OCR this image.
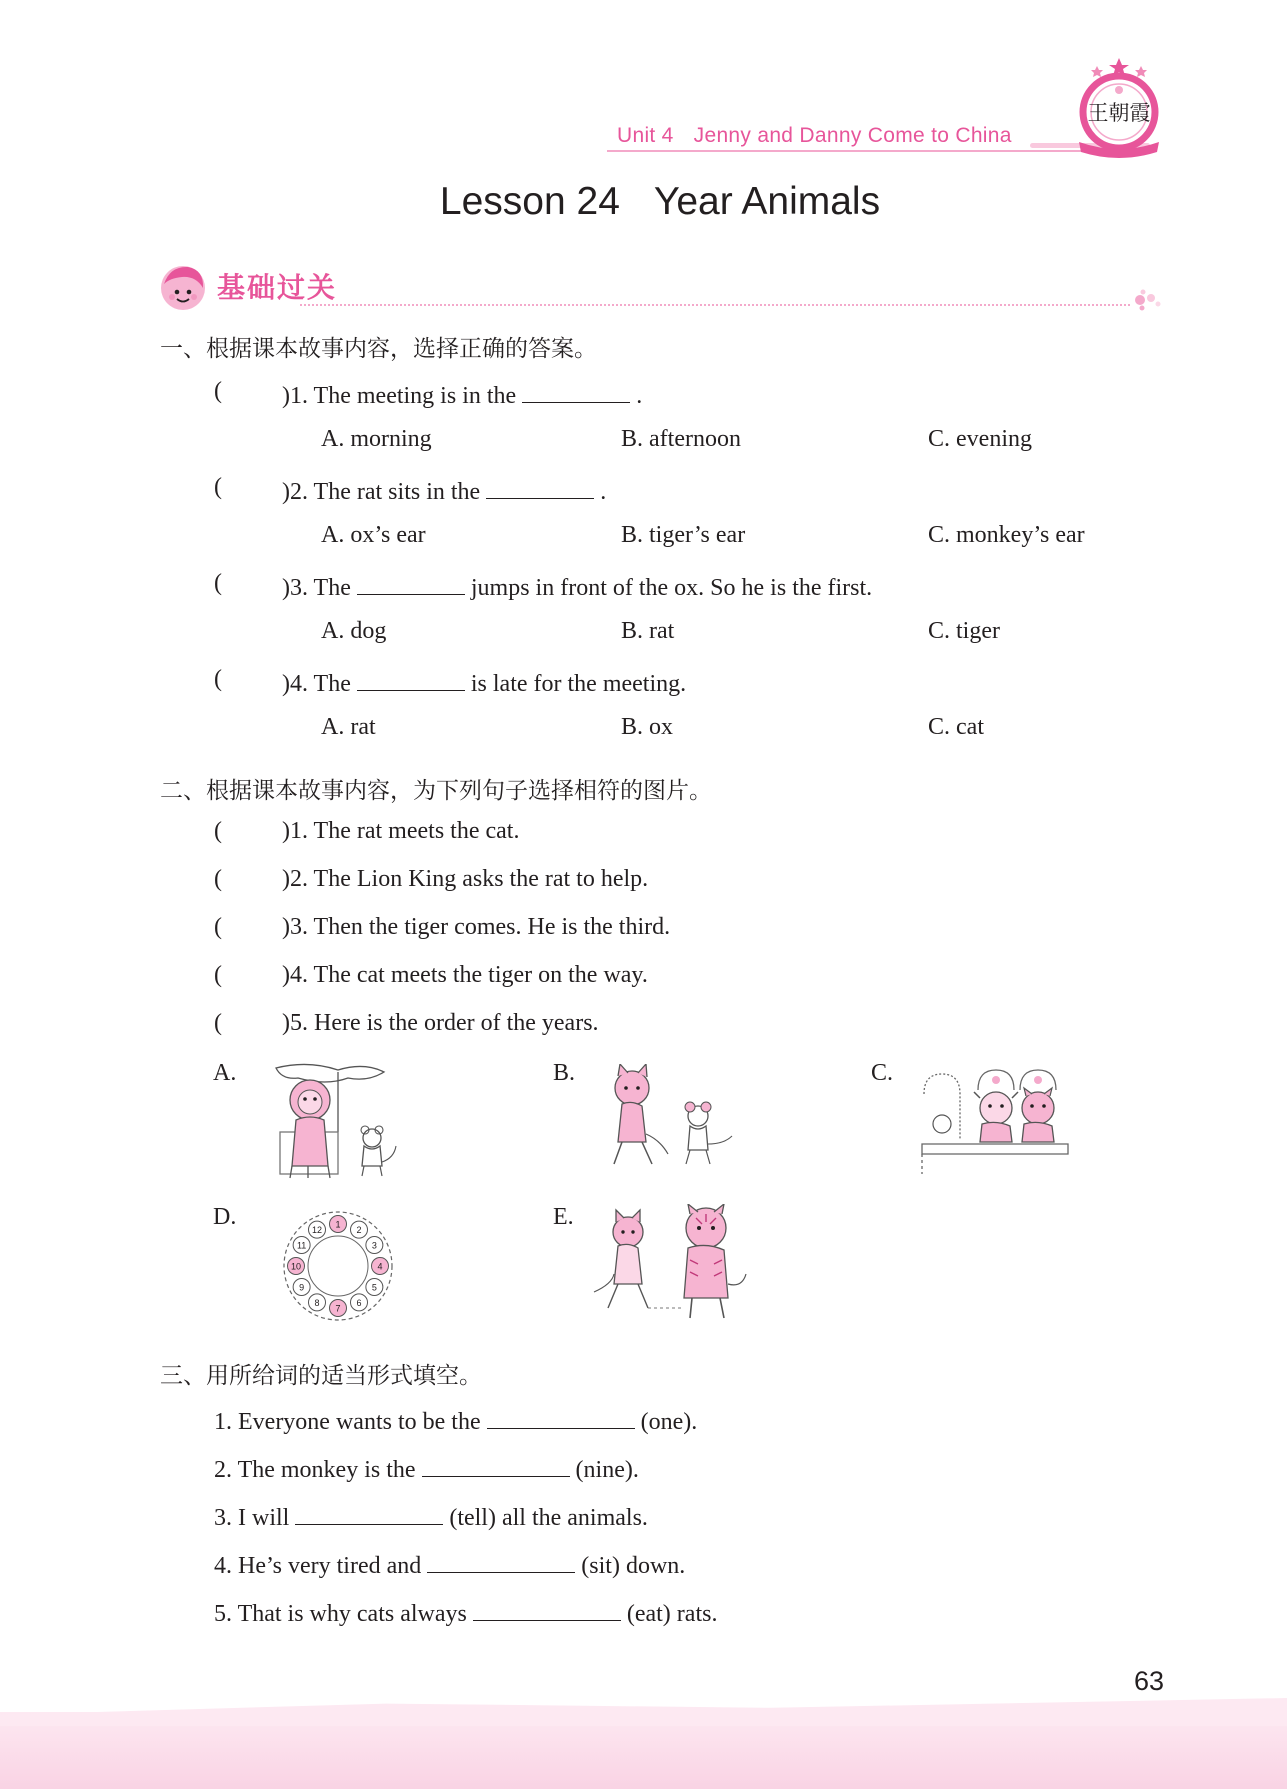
Unit 4 Jenny and Danny Come to China
王朝霞
Lesson 24 Year Animals
基础过关
一、根据课本故事内容，选择正确的答案。
(	)1. The meeting is in the	.
A. morning	B. afternoon	C. evening
(	)2. The rat sits in the	.
A. ox’s ear	B. tiger’s ear	C. monkey’s ear
(	)3. The	jumps in front of the ox. So he is the first.
A. dog	B. rat	C. tiger
(	)4. The	is late for the meeting.
A. rat	B. ox	C. cat
二、根据课本故事内容，为下列句子选择相符的图片。
(	)1. The rat meets the cat.
(	)2. The Lion King asks the rat to help.
(	)3. Then the tiger comes. He is the third.
(	)4. The cat meets the tiger on the way.
(	)5. Here is the order of the years.
A.	B.	C.
D.	E.
1
2
3
4
5
6
7
8
9
10
11
12
三、用所给词的适当形式填空。
1. Everyone wants to be the	(one).
2. The monkey is the	(nine).
3. I will	(tell) all the animals.
4. He’s very tired and	(sit) down.
5. That is why cats always	(eat) rats.
63
